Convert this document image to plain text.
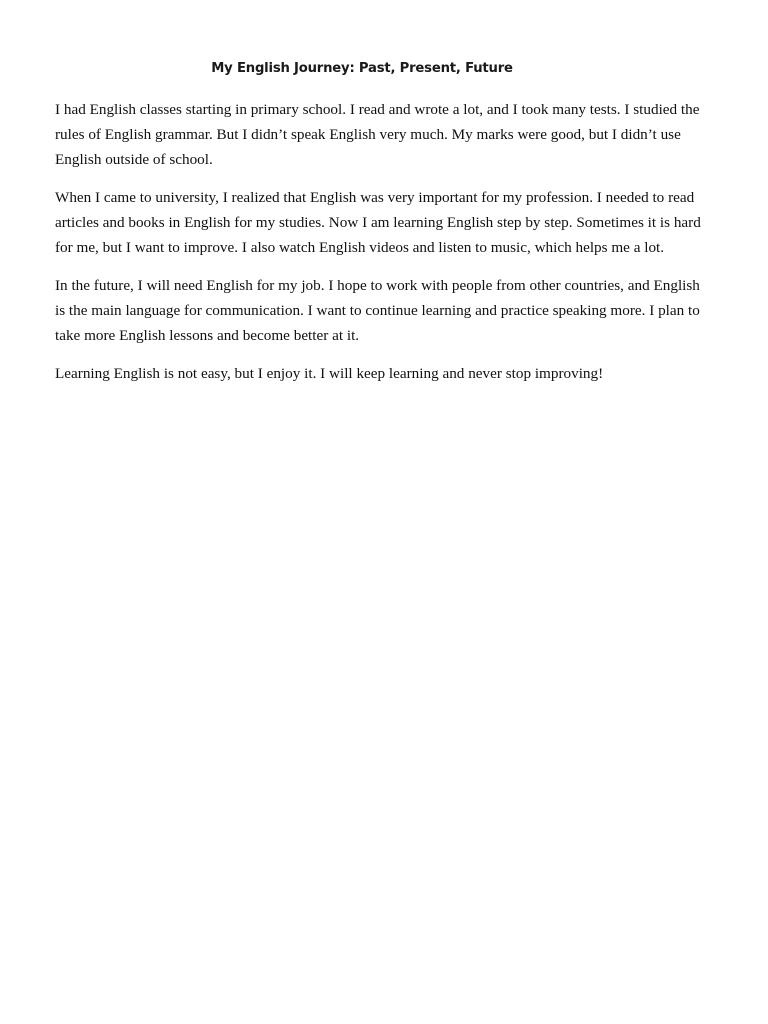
My English Journey: Past, Present, Future

I had English classes starting in primary school. I read and wrote a lot, and I took many tests. I studied the rules of English grammar. But I didn’t speak English very much. My marks were good, but I didn’t use English outside of school.

When I came to university, I realized that English was very important for my profession. I needed to read articles and books in English for my studies. Now I am learning English step by step. Sometimes it is hard for me, but I want to improve. I also watch English videos and listen to music, which helps me a lot.

In the future, I will need English for my job. I hope to work with people from other countries, and English is the main language for communication. I want to continue learning and practice speaking more. I plan to take more English lessons and become better at it.

Learning English is not easy, but I enjoy it. I will keep learning and never stop improving!
